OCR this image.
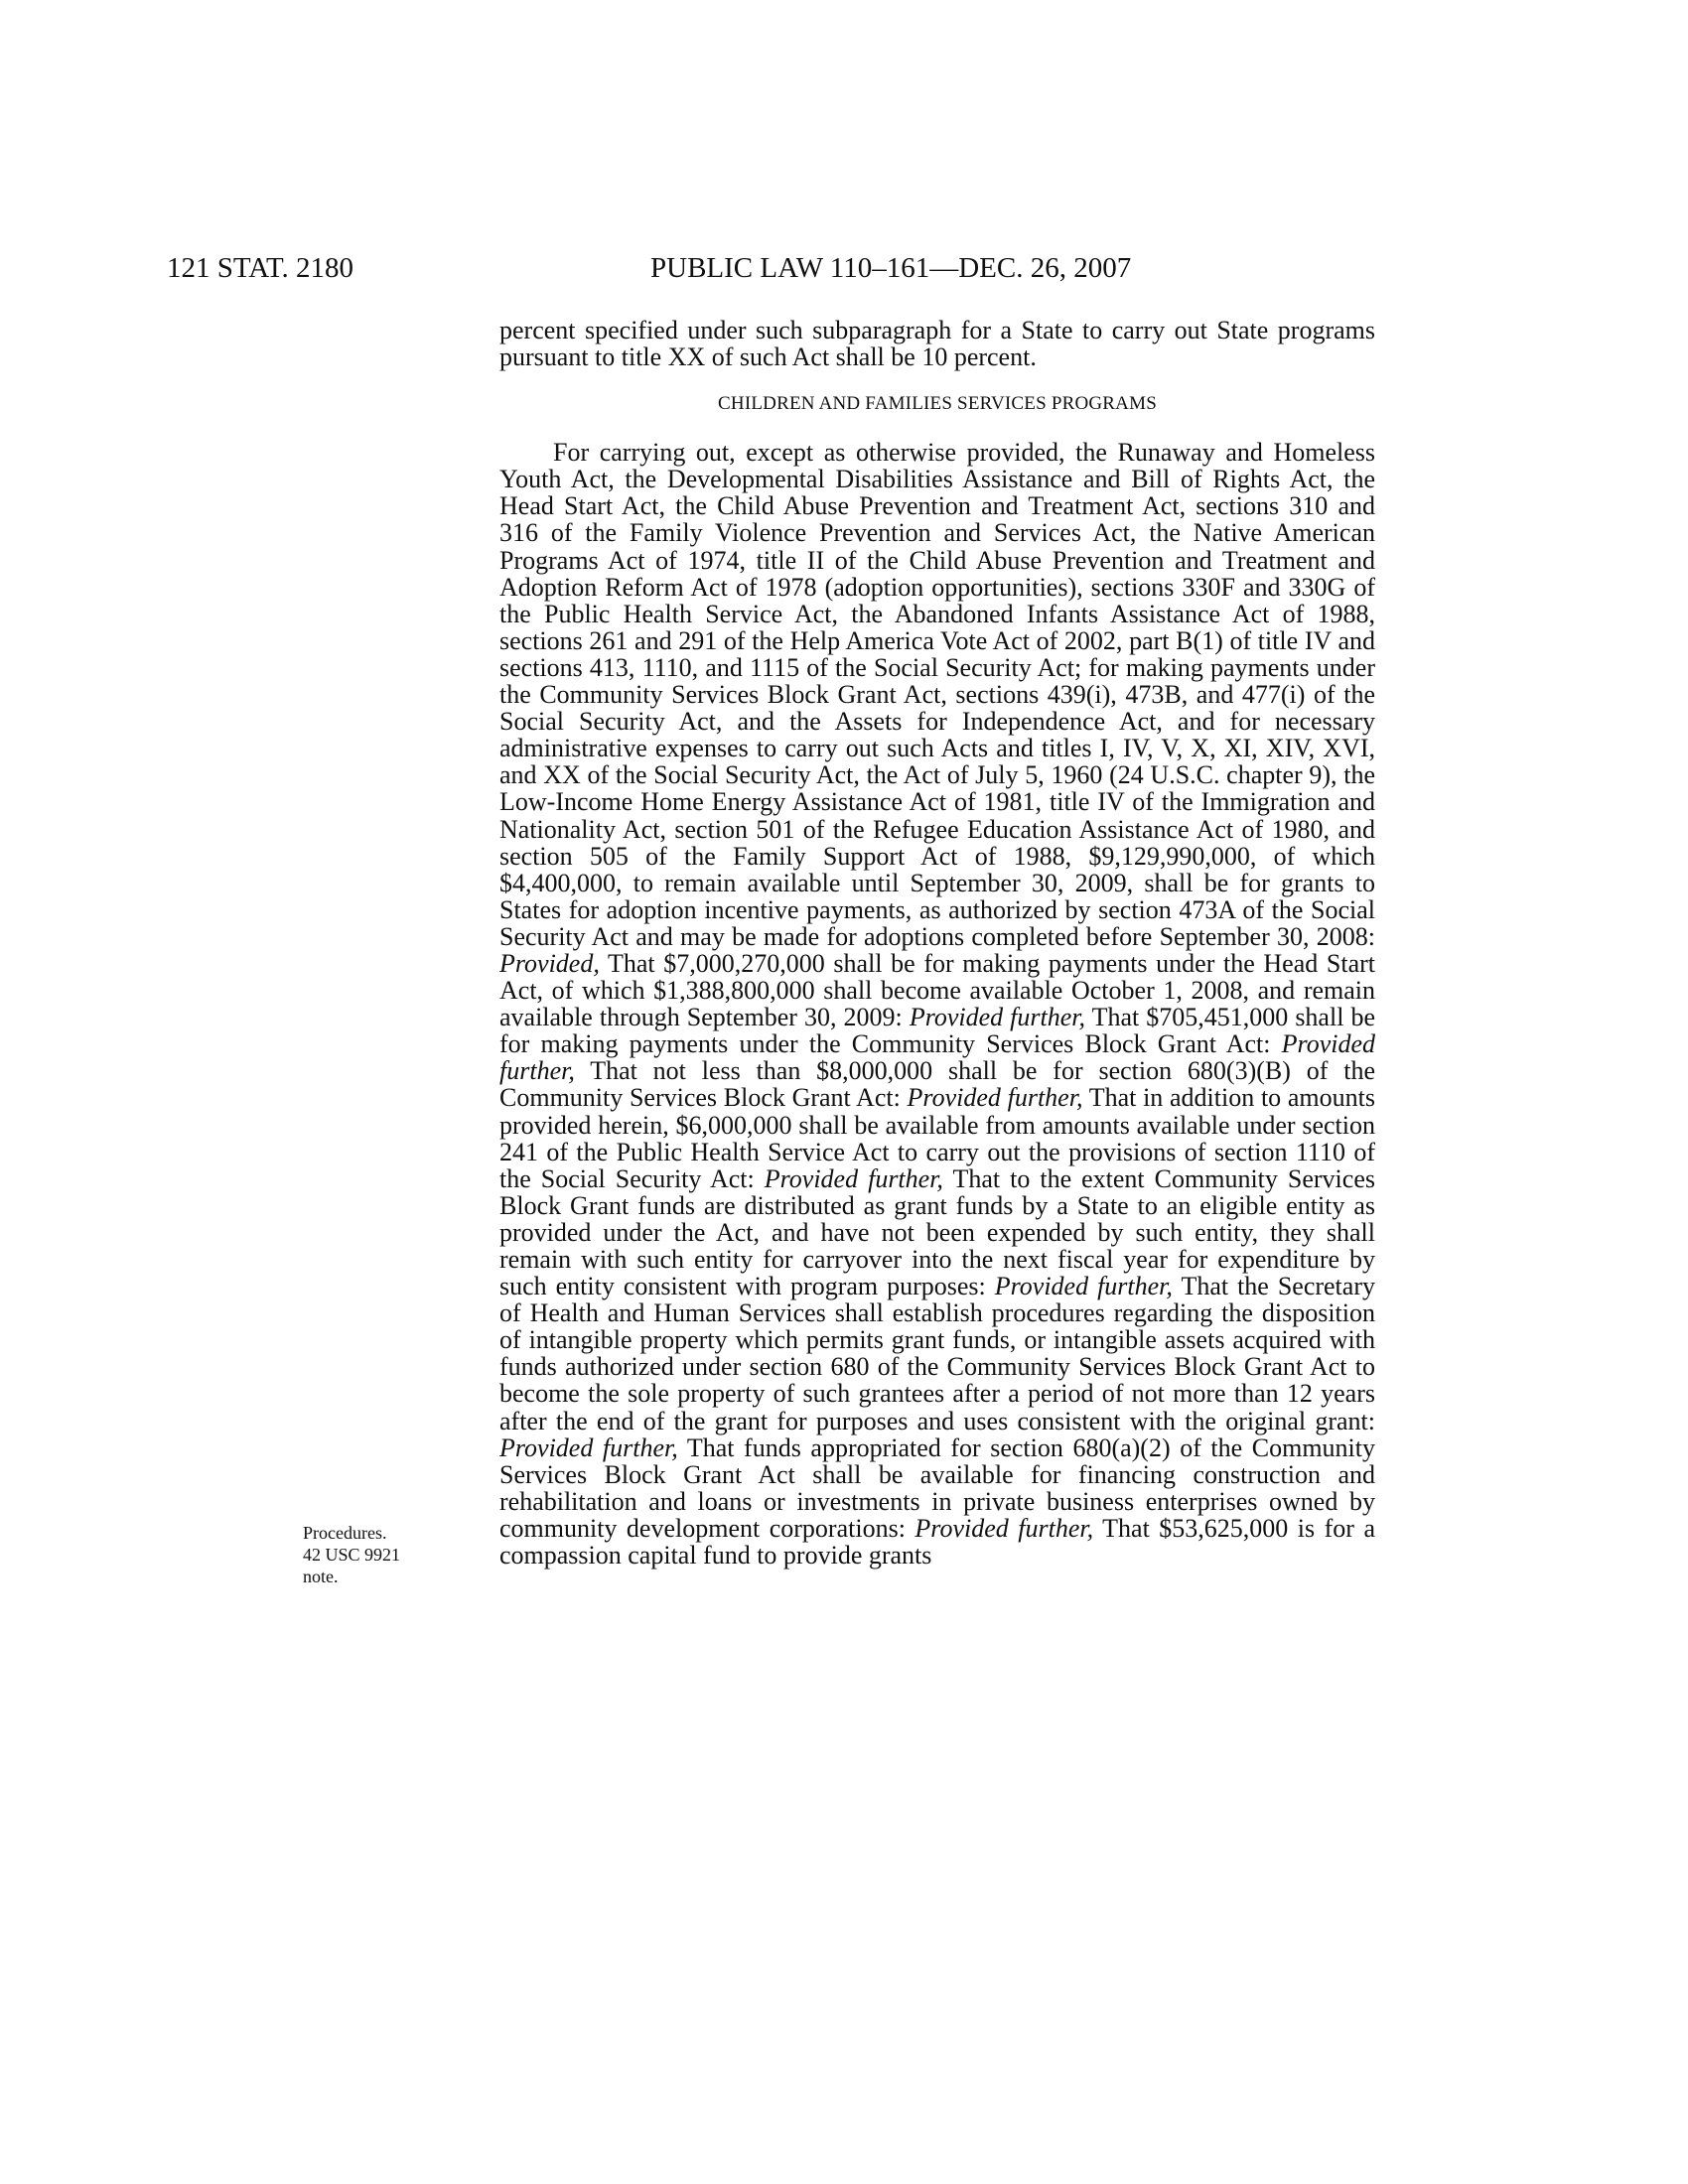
121 STAT. 2180	PUBLIC LAW 110–161—DEC. 26, 2007
Procedures.
42 USC 9921
note.

percent specified under such subparagraph for a State to carry out State programs pursuant to title XX of such Act shall be 10 percent.

CHILDREN AND FAMILIES SERVICES PROGRAMS

For carrying out, except as otherwise provided, the Runaway and Homeless Youth Act, the Developmental Disabilities Assistance and Bill of Rights Act, the Head Start Act, the Child Abuse Prevention and Treatment Act, sections 310 and 316 of the Family Violence Prevention and Services Act, the Native American Programs Act of 1974, title II of the Child Abuse Prevention and Treatment and Adoption Reform Act of 1978 (adoption opportunities), sections 330F and 330G of the Public Health Service Act, the Abandoned Infants Assistance Act of 1988, sections 261 and 291 of the Help America Vote Act of 2002, part B(1) of title IV and sections 413, 1110, and 1115 of the Social Security Act; for making payments under the Community Services Block Grant Act, sections 439(i), 473B, and 477(i) of the Social Security Act, and the Assets for Independence Act, and for necessary administrative expenses to carry out such Acts and titles I, IV, V, X, XI, XIV, XVI, and XX of the Social Security Act, the Act of July 5, 1960 (24 U.S.C. chapter 9), the Low-Income Home Energy Assistance Act of 1981, title IV of the Immigration and Nationality Act, section 501 of the Refugee Education Assistance Act of 1980, and section 505 of the Family Support Act of 1988, $9,129,990,000, of which $4,400,000, to remain available until September 30, 2009, shall be for grants to States for adoption incentive payments, as authorized by section 473A of the Social Security Act and may be made for adoptions completed before September 30, 2008: Provided, That $7,000,270,000 shall be for making payments under the Head Start Act, of which $1,388,800,000 shall become available October 1, 2008, and remain available through September 30, 2009: Provided further, That $705,451,000 shall be for making payments under the Community Services Block Grant Act: Provided further, That not less than $8,000,000 shall be for section 680(3)(B) of the Community Services Block Grant Act: Provided further, That in addition to amounts provided herein, $6,000,000 shall be available from amounts available under section 241 of the Public Health Service Act to carry out the provisions of section 1110 of the Social Security Act: Provided further, That to the extent Community Services Block Grant funds are distributed as grant funds by a State to an eligible entity as provided under the Act, and have not been expended by such entity, they shall remain with such entity for carryover into the next fiscal year for expenditure by such entity consistent with program purposes: Provided further, That the Secretary of Health and Human Services shall establish procedures regarding the disposition of intangible property which permits grant funds, or intangible assets acquired with funds authorized under section 680 of the Community Services Block Grant Act to become the sole property of such grantees after a period of not more than 12 years after the end of the grant for purposes and uses consistent with the original grant: Provided further, That funds appropriated for section 680(a)(2) of the Community Services Block Grant Act shall be available for financing construction and rehabilitation and loans or investments in private business enterprises owned by community development corporations: Provided further, That $53,625,000 is for a compassion capital fund to provide grants
